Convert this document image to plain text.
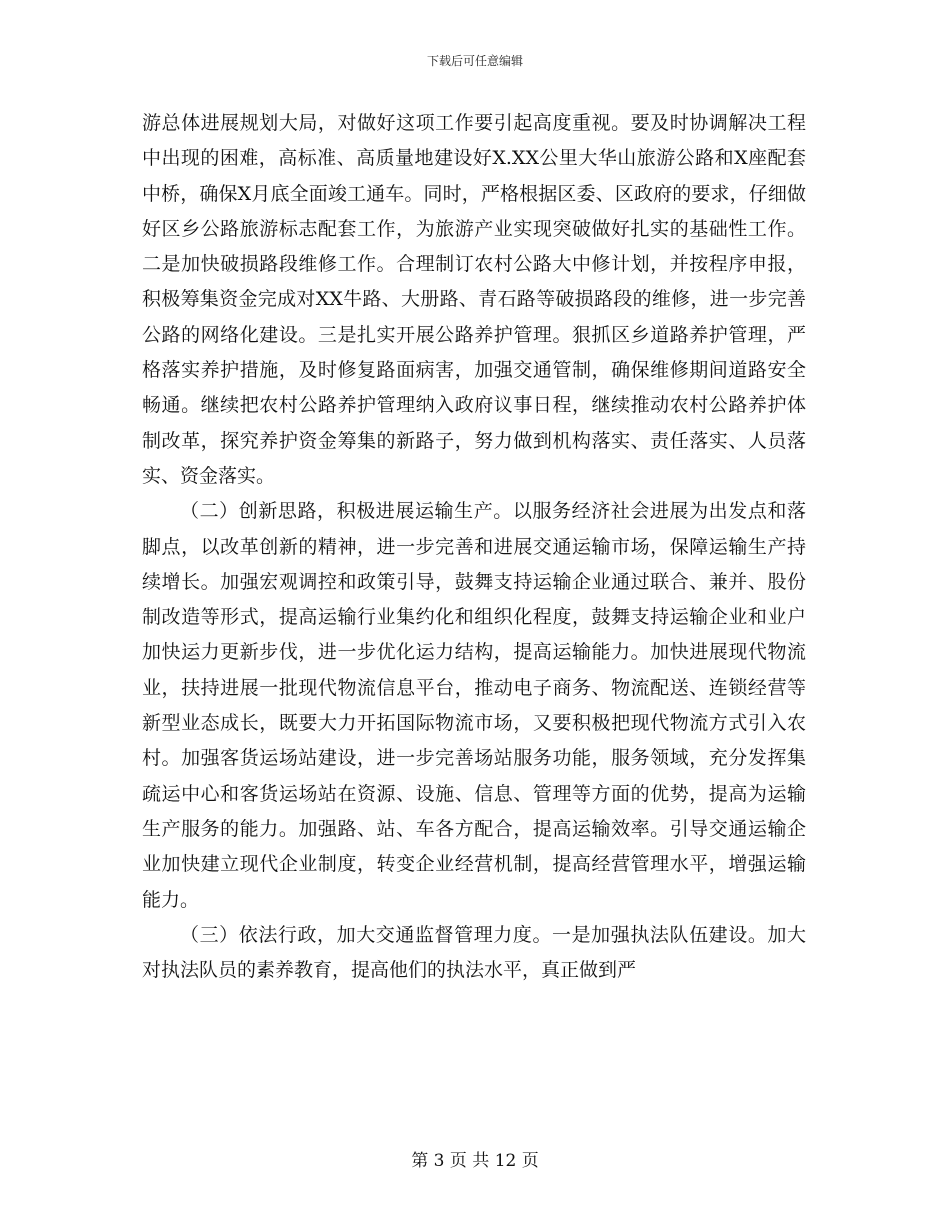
下载后可任意编辑

游总体进展规划大局，对做好这项工作要引起高度重视。要及时协调解决工程中出现的困难，高标准、高质量地建设好X.XX公里大华山旅游公路和X座配套中桥，确保X月底全面竣工通车。同时，严格根据区委、区政府的要求，仔细做好区乡公路旅游标志配套工作，为旅游产业实现突破做好扎实的基础性工作。二是加快破损路段维修工作。合理制订农村公路大中修计划，并按程序申报，积极筹集资金完成对XX牛路、大册路、青石路等破损路段的维修，进一步完善公路的网络化建设。三是扎实开展公路养护管理。狠抓区乡道路养护管理，严格落实养护措施，及时修复路面病害，加强交通管制，确保维修期间道路安全畅通。继续把农村公路养护管理纳入政府议事日程，继续推动农村公路养护体制改革，探究养护资金筹集的新路子，努力做到机构落实、责任落实、人员落实、资金落实。

（二）创新思路，积极进展运输生产。以服务经济社会进展为出发点和落脚点，以改革创新的精神，进一步完善和进展交通运输市场，保障运输生产持续增长。加强宏观调控和政策引导，鼓舞支持运输企业通过联合、兼并、股份制改造等形式，提高运输行业集约化和组织化程度，鼓舞支持运输企业和业户加快运力更新步伐，进一步优化运力结构，提高运输能力。加快进展现代物流业，扶持进展一批现代物流信息平台，推动电子商务、物流配送、连锁经营等新型业态成长，既要大力开拓国际物流市场，又要积极把现代物流方式引入农村。加强客货运场站建设，进一步完善场站服务功能，服务领域，充分发挥集疏运中心和客货运场站在资源、设施、信息、管理等方面的优势，提高为运输生产服务的能力。加强路、站、车各方配合，提高运输效率。引导交通运输企业加快建立现代企业制度，转变企业经营机制，提高经营管理水平，增强运输能力。

（三）依法行政，加大交通监督管理力度。一是加强执法队伍建设。加大对执法队员的素养教育，提高他们的执法水平，真正做到严

第 3 页 共 12 页
